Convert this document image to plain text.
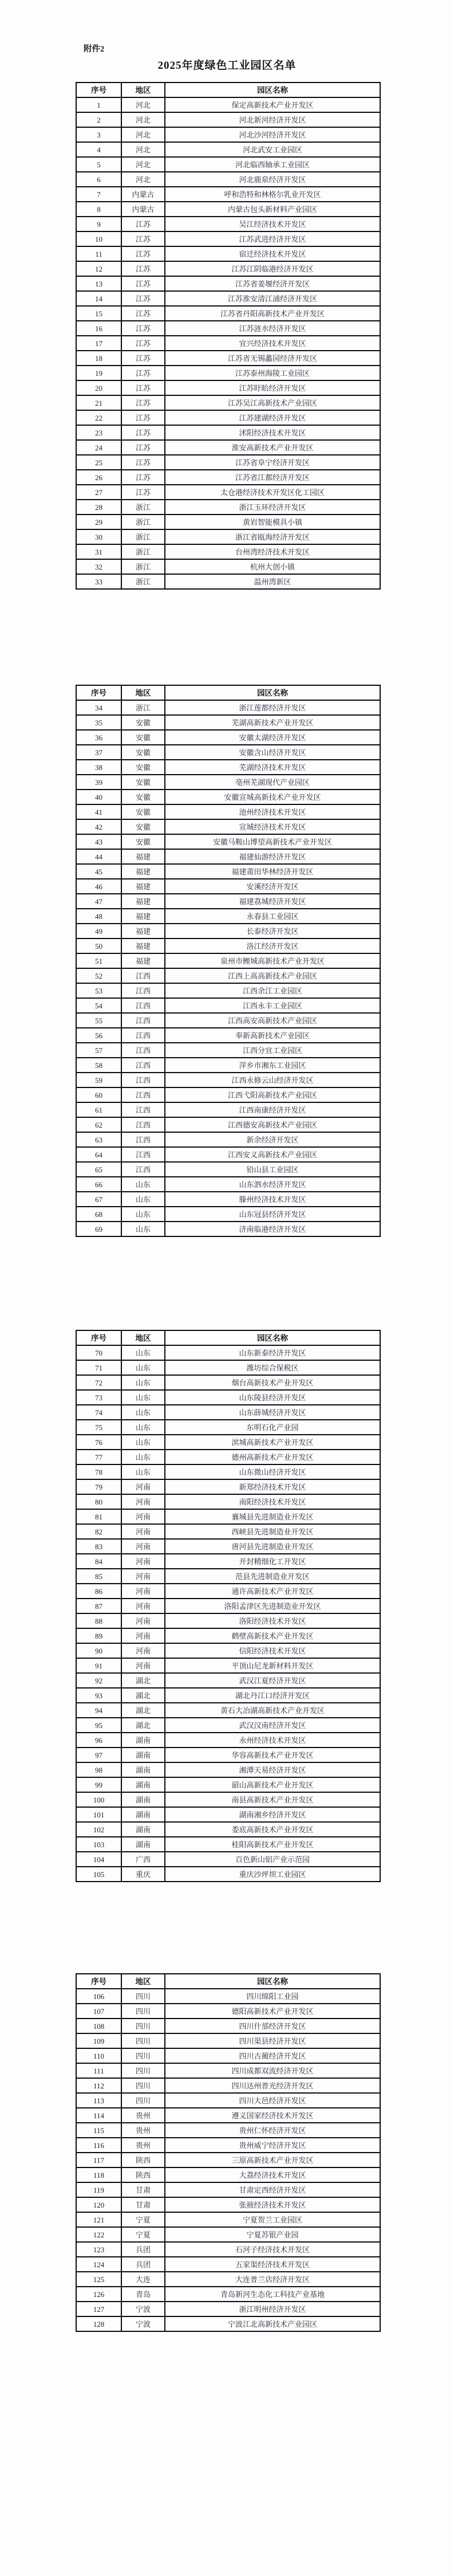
附件2
2025年度绿色工业园区名单
序号	地区	园区名称
1	河北	保定高新技术产业开发区
2	河北	河北新河经济开发区
3	河北	河北沙河经济开发区
4	河北	河北武安工业园区
5	河北	河北临西轴承工业园区
6	河北	河北鹿泉经济开发区
7	内蒙古	呼和浩特和林格尔乳业开发区
8	内蒙古	内蒙古包头新材料产业园区
9	江苏	吴江经济技术开发区
10	江苏	江苏武进经济开发区
11	江苏	宿迁经济技术开发区
12	江苏	江苏江阴临港经济开发区
13	江苏	江苏省姜堰经济开发区
14	江苏	江苏淮安清江浦经济开发区
15	江苏	江苏省丹阳高新技术产业开发区
16	江苏	江苏涟水经济开发区
17	江苏	宜兴经济技术开发区
18	江苏	江苏省无锡蠡园经济开发区
19	江苏	江苏泰州海陵工业园区
20	江苏	江苏盱眙经济开发区
21	江苏	江苏吴江高新技术产业园区
22	江苏	江苏建湖经济开发区
23	江苏	沭阳经济技术开发区
24	江苏	淮安高新技术产业开发区
25	江苏	江苏省阜宁经济开发区
26	江苏	江苏省江都经济开发区
27	江苏	太仓港经济技术开发区化工园区
28	浙江	浙江玉环经济开发区
29	浙江	黄岩智能模具小镇
30	浙江	浙江省瓯海经济开发区
31	浙江	台州湾经济技术开发区
32	浙江	杭州大创小镇
33	浙江	温州湾新区
序号	地区	园区名称
34	浙江	浙江莲都经济开发区
35	安徽	芜湖高新技术产业开发区
36	安徽	安徽太湖经济开发区
37	安徽	安徽含山经济开发区
38	安徽	芜湖经济技术开发区
39	安徽	亳州芜湖现代产业园区
40	安徽	安徽宣城高新技术产业开发区
41	安徽	池州经济技术开发区
42	安徽	宣城经济技术开发区
43	安徽	安徽马鞍山博望高新技术产业开发区
44	福建	福建仙游经济开发区
45	福建	福建莆田华林经济开发区
46	福建	安溪经济开发区
47	福建	福建荔城经济开发区
48	福建	永春县工业园区
49	福建	长泰经济开发区
50	福建	洛江经济开发区
51	福建	泉州市鲤城高新技术产业开发区
52	江西	江西上高高新技术产业园区
53	江西	江西余江工业园区
54	江西	江西永丰工业园区
55	江西	江西高安高新技术产业园区
56	江西	奉新高新技术产业园区
57	江西	江西分宜工业园区
58	江西	萍乡市湘东工业园区
59	江西	江西永修云山经济开发区
60	江西	江西弋阳高新技术产业园区
61	江西	江西南康经济开发区
62	江西	江西德安高新技术产业园区
63	江西	新余经济开发区
64	江西	江西安义高新技术产业园区
65	江西	铅山县工业园区
66	山东	山东泗水经济开发区
67	山东	滕州经济技术开发区
68	山东	山东冠县经济开发区
69	山东	济南临港经济开发区
序号	地区	园区名称
70	山东	山东新泰经济开发区
71	山东	潍坊综合保税区
72	山东	烟台高新技术产业开发区
73	山东	山东陵县经济开发区
74	山东	山东薛城经济开发区
75	山东	东明石化产业园
76	山东	滨城高新技术产业开发区
77	山东	德州高新技术产业开发区
78	山东	山东微山经济开发区
79	河南	新郑经济技术开发区
80	河南	南阳经济技术开发区
81	河南	襄城县先进制造业开发区
82	河南	西峡县先进制造业开发区
83	河南	唐河县先进制造业开发区
84	河南	开封精细化工开发区
85	河南	范县先进制造业开发区
86	河南	通许高新技术产业开发区
87	河南	洛阳孟津区先进制造业开发区
88	河南	洛阳经济技术开发区
89	河南	鹤壁高新技术产业开发区
90	河南	信阳经济技术开发区
91	河南	平顶山尼龙新材料开发区
92	湖北	武汉江夏经济开发区
93	湖北	湖北丹江口经济开发区
94	湖北	黄石大冶湖高新技术产业开发区
95	湖北	武汉汉南经济开发区
96	湖南	永州经济技术开发区
97	湖南	华容高新技术产业开发区
98	湖南	湘潭天易经济开发区
99	湖南	韶山高新技术产业开发区
100	湖南	南县高新技术产业开发区
101	湖南	湖南湘乡经济开发区
102	湖南	娄底高新技术产业开发区
103	湖南	桂阳高新技术产业开发区
104	广西	百色新山铝产业示范园
105	重庆	重庆沙坪坝工业园区
序号	地区	园区名称
106	四川	四川绵阳工业园
107	四川	德阳高新技术产业开发区
108	四川	四川什邡经济开发区
109	四川	四川渠县经济开发区
110	四川	四川古蔺经济开发区
111	四川	四川成都双流经济开发区
112	四川	四川达州普光经济开发区
113	四川	四川大邑经济开发区
114	贵州	遵义国家经济技术开发区
115	贵州	贵州仁怀经济开发区
116	贵州	贵州威宁经济开发区
117	陕西	三原高新技术产业开发区
118	陕西	大荔经济技术开发区
119	甘肃	甘肃定西经济开发区
120	甘肃	张掖经济技术开发区
121	宁夏	宁夏贺兰工业园区
122	宁夏	宁夏苏银产业园
123	兵团	石河子经济技术开发区
124	兵团	五家渠经济技术开发区
125	大连	大连普兰店经济开发区
126	青岛	青岛新河生态化工科技产业基地
127	宁波	浙江明州经济开发区
128	宁波	宁波江北高新技术产业园区
